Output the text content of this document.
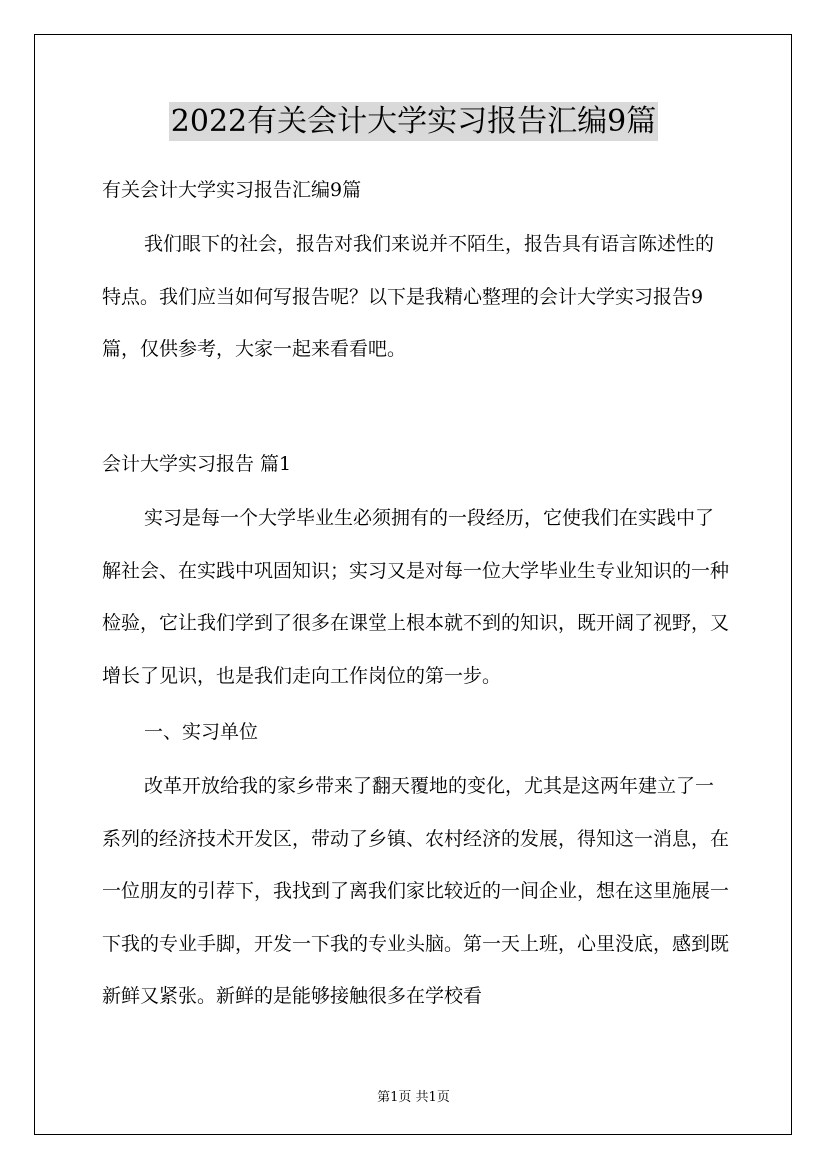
2022有关会计大学实习报告汇编9篇

有关会计大学实习报告汇编9篇

我们眼下的社会，报告对我们来说并不陌生，报告具有语言陈述性的特点。我们应当如何写报告呢？以下是我精心整理的会计大学实习报告9篇，仅供参考，大家一起来看看吧。

会计大学实习报告 篇1

实习是每一个大学毕业生必须拥有的一段经历，它使我们在实践中了解社会、在实践中巩固知识；实习又是对每一位大学毕业生专业知识的一种检验，它让我们学到了很多在课堂上根本就不到的知识，既开阔了视野，又增长了见识，也是我们走向工作岗位的第一步。

一、实习单位

改革开放给我的家乡带来了翻天覆地的变化，尤其是这两年建立了一系列的经济技术开发区，带动了乡镇、农村经济的发展，得知这一消息，在一位朋友的引荐下，我找到了离我们家比较近的一间企业，想在这里施展一下我的专业手脚，开发一下我的专业头脑。第一天上班，心里没底，感到既新鲜又紧张。新鲜的是能够接触很多在学校看

第1页 共1页
